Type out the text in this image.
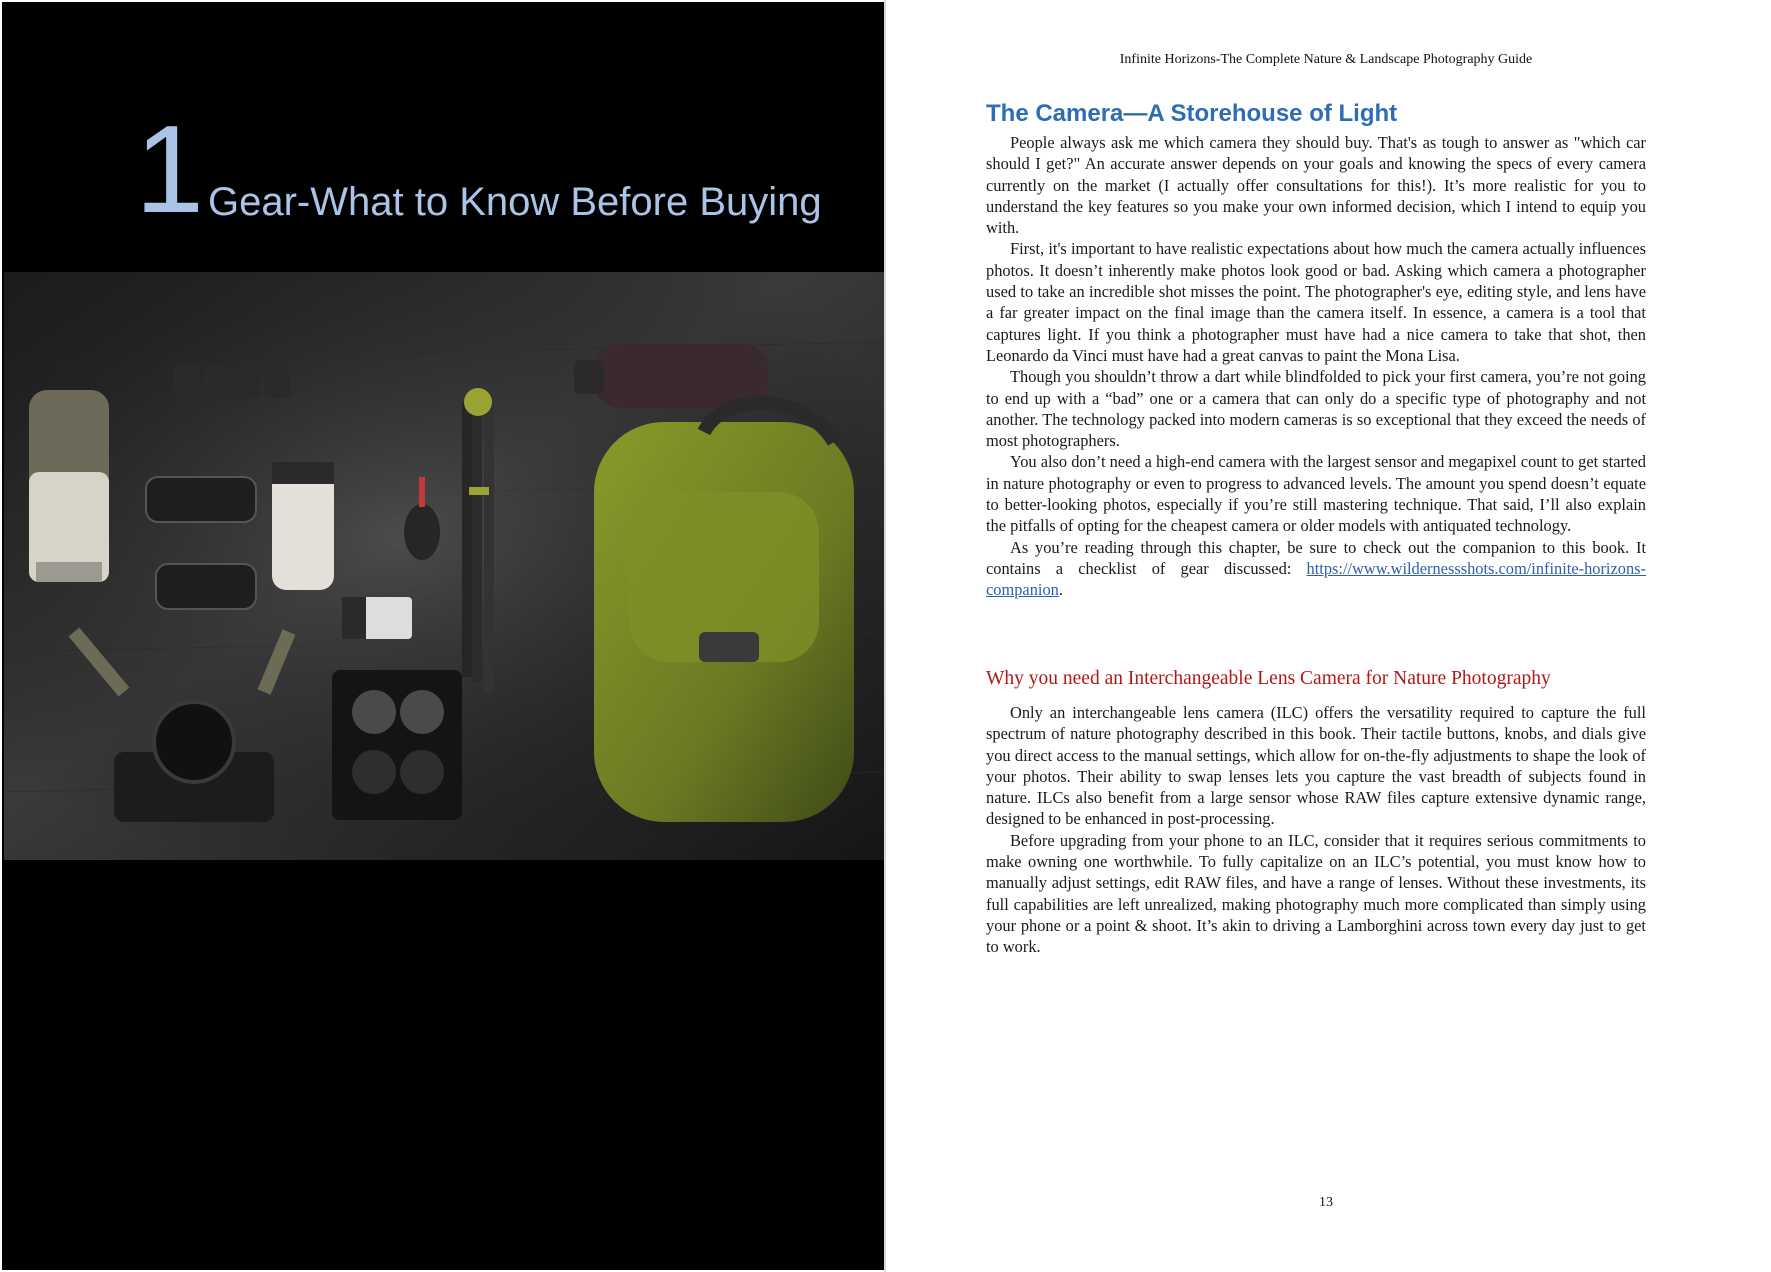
1 Gear-What to Know Before Buying
Infinite Horizons-The Complete Nature & Landscape Photography Guide
The Camera—A Storehouse of Light

People always ask me which camera they should buy. That's as tough to answer as "which car should I get?" An accurate answer depends on your goals and knowing the specs of every camera currently on the market (I actually offer consultations for this!). It’s more realistic for you to understand the key features so you make your own informed decision, which I intend to equip you with.

First, it's important to have realistic expectations about how much the camera actually influences photos. It doesn’t inherently make photos look good or bad. Asking which camera a photographer used to take an incredible shot misses the point. The photographer's eye, editing style, and lens have a far greater impact on the final image than the camera itself. In essence, a camera is a tool that captures light. If you think a photographer must have had a nice camera to take that shot, then Leonardo da Vinci must have had a great canvas to paint the Mona Lisa.

Though you shouldn’t throw a dart while blindfolded to pick your first camera, you’re not going to end up with a “bad” one or a camera that can only do a specific type of photography and not another. The technology packed into modern cameras is so exceptional that they exceed the needs of most photographers.

You also don’t need a high-end camera with the largest sensor and megapixel count to get started in nature photography or even to progress to advanced levels. The amount you spend doesn’t equate to better-looking photos, especially if you’re still mastering technique. That said, I’ll also explain the pitfalls of opting for the cheapest camera or older models with antiquated technology.

As you’re reading through this chapter, be sure to check out the companion to this book. It contains a checklist of gear discussed: https://www.wildernessshots.com/infinite-horizons-companion.

Why you need an Interchangeable Lens Camera for Nature Photography

Only an interchangeable lens camera (ILC) offers the versatility required to capture the full spectrum of nature photography described in this book. Their tactile buttons, knobs, and dials give you direct access to the manual settings, which allow for on-the-fly adjustments to shape the look of your photos. Their ability to swap lenses lets you capture the vast breadth of subjects found in nature. ILCs also benefit from a large sensor whose RAW files capture extensive dynamic range, designed to be enhanced in post-processing.

Before upgrading from your phone to an ILC, consider that it requires serious commitments to make owning one worthwhile. To fully capitalize on an ILC’s potential, you must know how to manually adjust settings, edit RAW files, and have a range of lenses. Without these investments, its full capabilities are left unrealized, making photography much more complicated than simply using your phone or a point & shoot. It’s akin to driving a Lamborghini across town every day just to get to work.

13
